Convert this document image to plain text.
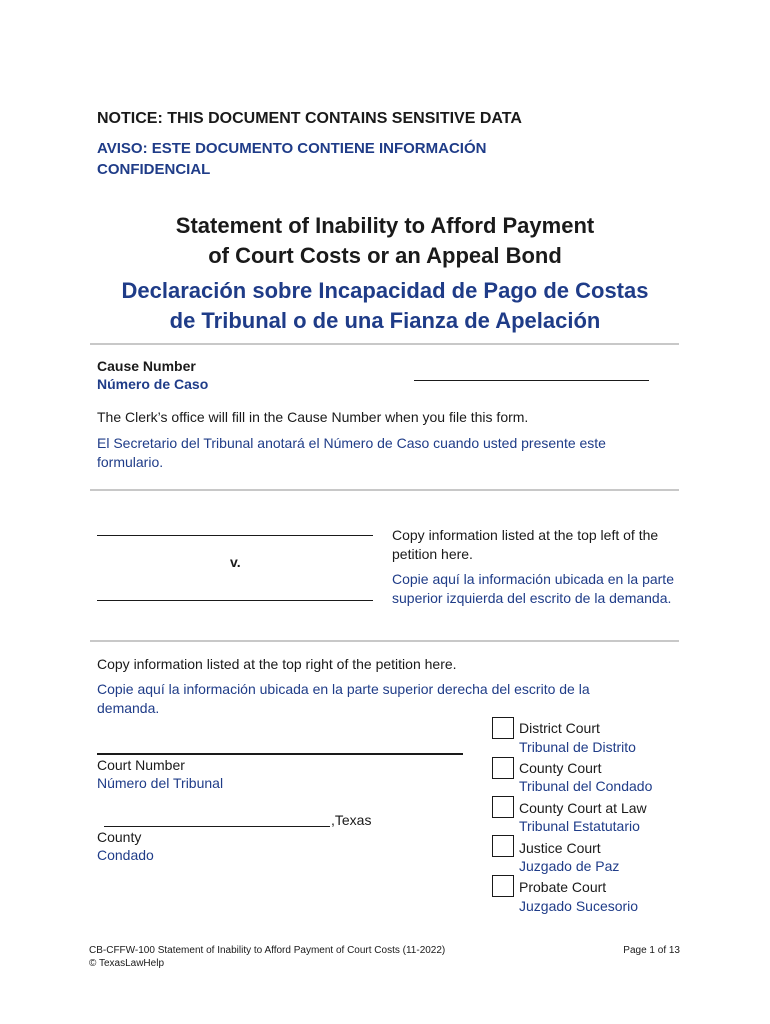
NOTICE: THIS DOCUMENT CONTAINS SENSITIVE DATA
AVISO: ESTE DOCUMENTO CONTIENE INFORMACIÓN
CONFIDENCIAL
Statement of Inability to Afford Payment
of Court Costs or an Appeal Bond
Declaración sobre Incapacidad de Pago de Costas
de Tribunal o de una Fianza de Apelación
Cause Number
Número de Caso
The Clerk’s office will fill in the Cause Number when you file this form.
El Secretario del Tribunal anotará el Número de Caso cuando usted presente este formulario.
v.
Copy information listed at the top left of the petition here.
Copie aquí la información ubicada en la parte superior izquierda del escrito de la demanda.
Copy information listed at the top right of the petition here.
Copie aquí la información ubicada en la parte superior derecha del escrito de la demanda.
Court Number
Número del Tribunal
,Texas
County
Condado
District Court
Tribunal de Distrito
County Court
Tribunal del Condado
County Court at Law
Tribunal Estatutario
Justice Court
Juzgado de Paz
Probate Court
Juzgado Sucesorio
CB-CFFW-100 Statement of Inability to Afford Payment of Court Costs (11-2022)
© TexasLawHelp
Page 1 of 13
